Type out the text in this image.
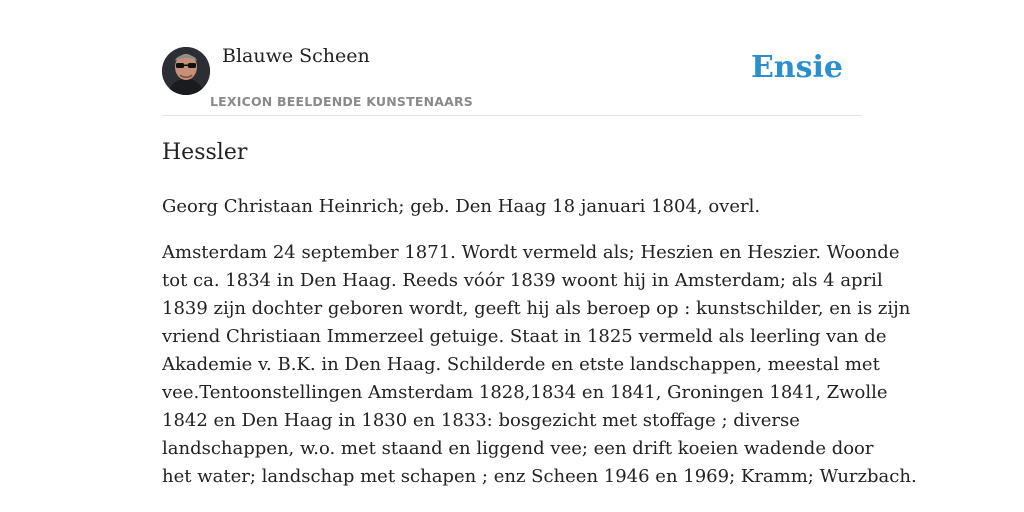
Blauwe Scheen
LEXICON BEELDENDE KUNSTENAARS
Ensie
Hessler

Georg Christaan Heinrich; geb. Den Haag 18 januari 1804, overl.

Amsterdam 24 september 1871. Wordt vermeld als; Heszien en Heszier. Woonde
tot ca. 1834 in Den Haag. Reeds vóór 1839 woont hij in Amsterdam; als 4 april
1839 zijn dochter geboren wordt, geeft hij als beroep op : kunstschilder, en is zijn
vriend Christiaan Immerzeel getuige. Staat in 1825 vermeld als leerling van de
Akademie v. B.K. in Den Haag. Schilderde en etste landschappen, meestal met
vee.Tentoonstellingen Amsterdam 1828,1834 en 1841, Groningen 1841, Zwolle
1842 en Den Haag in 1830 en 1833: bosgezicht met stoffage ; diverse
landschappen, w.o. met staand en liggend vee; een drift koeien wadende door
het water; landschap met schapen ; enz Scheen 1946 en 1969; Kramm; Wurzbach.
